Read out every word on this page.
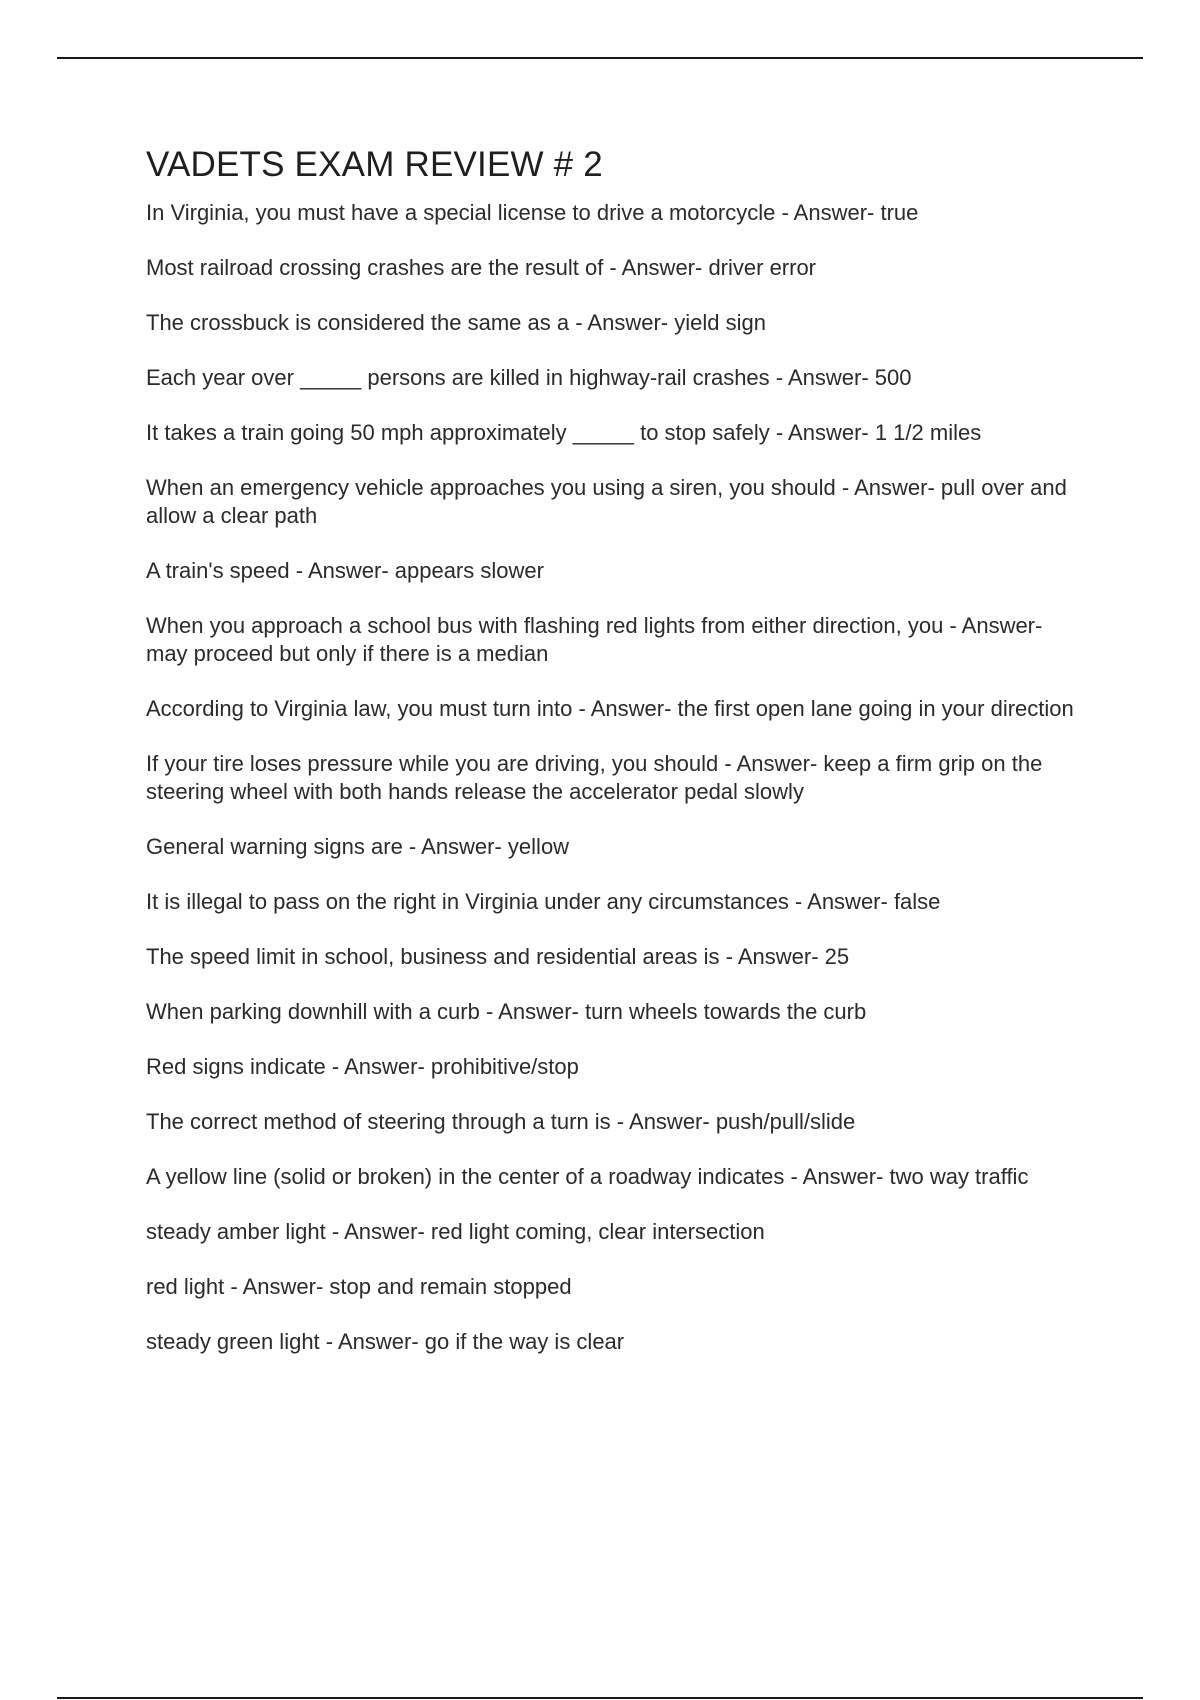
VADETS EXAM REVIEW # 2
In Virginia, you must have a special license to drive a motorcycle - Answer- true
Most railroad crossing crashes are the result of - Answer- driver error
The crossbuck is considered the same as a - Answer- yield sign
Each year over _____ persons are killed in highway-rail crashes - Answer- 500
It takes a train going 50 mph approximately _____ to stop safely - Answer- 1 1/2 miles
When an emergency vehicle approaches you using a siren, you should - Answer- pull over and allow a clear path
A train's speed - Answer- appears slower
When you approach a school bus with flashing red lights from either direction, you - Answer- may proceed but only if there is a median
According to Virginia law, you must turn into - Answer- the first open lane going in your direction
If your tire loses pressure while you are driving, you should - Answer- keep a firm grip on the steering wheel with both hands release the accelerator pedal slowly
General warning signs are - Answer- yellow
It is illegal to pass on the right in Virginia under any circumstances - Answer- false
The speed limit in school, business and residential areas is - Answer- 25
When parking downhill with a curb - Answer- turn wheels towards the curb
Red signs indicate - Answer- prohibitive/stop
The correct method of steering through a turn is - Answer- push/pull/slide
A yellow line (solid or broken) in the center of a roadway indicates - Answer- two way traffic
steady amber light - Answer- red light coming, clear intersection
red light - Answer- stop and remain stopped
steady green light - Answer- go if the way is clear
